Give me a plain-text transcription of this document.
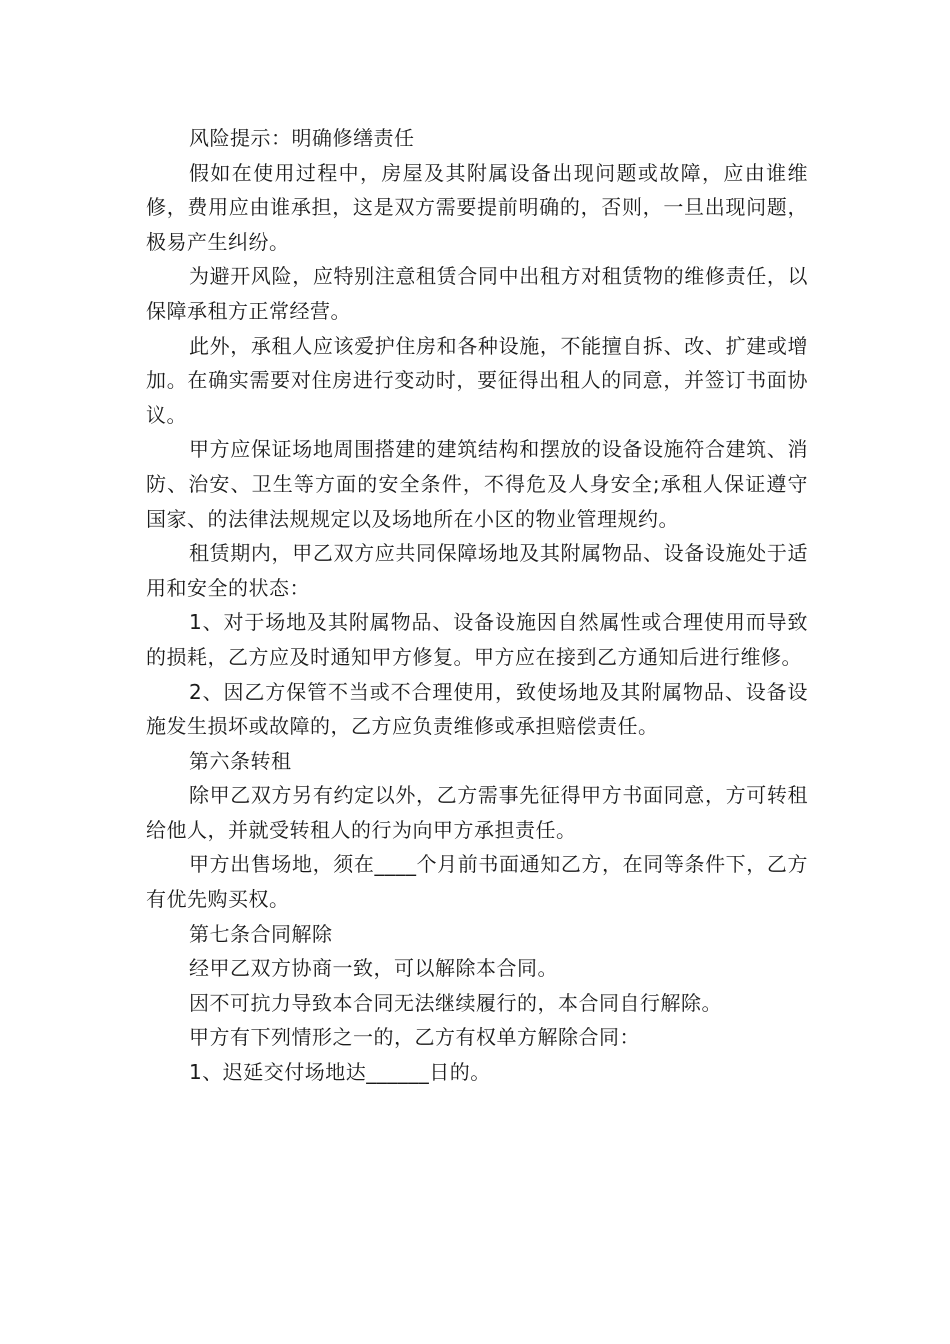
风险提示：明确修缮责任

假如在使用过程中，房屋及其附属设备出现问题或故障，应由谁维修，费用应由谁承担，这是双方需要提前明确的，否则，一旦出现问题，极易产生纠纷。

为避开风险，应特别注意租赁合同中出租方对租赁物的维修责任，以保障承租方正常经营。

此外，承租人应该爱护住房和各种设施，不能擅自拆、改、扩建或增加。在确实需要对住房进行变动时，要征得出租人的同意，并签订书面协议。

甲方应保证场地周围搭建的建筑结构和摆放的设备设施符合建筑、消防、治安、卫生等方面的安全条件，不得危及人身安全;承租人保证遵守国家、的法律法规规定以及场地所在小区的物业管理规约。

租赁期内，甲乙双方应共同保障场地及其附属物品、设备设施处于适用和安全的状态：

1、对于场地及其附属物品、设备设施因自然属性或合理使用而导致的损耗，乙方应及时通知甲方修复。甲方应在接到乙方通知后进行维修。

2、因乙方保管不当或不合理使用，致使场地及其附属物品、设备设施发生损坏或故障的，乙方应负责维修或承担赔偿责任。

第六条转租

除甲乙双方另有约定以外，乙方需事先征得甲方书面同意，方可转租给他人，并就受转租人的行为向甲方承担责任。

甲方出售场地，须在____个月前书面通知乙方，在同等条件下，乙方有优先购买权。

第七条合同解除

经甲乙双方协商一致，可以解除本合同。

因不可抗力导致本合同无法继续履行的，本合同自行解除。

甲方有下列情形之一的，乙方有权单方解除合同：

1、迟延交付场地达______日的。
